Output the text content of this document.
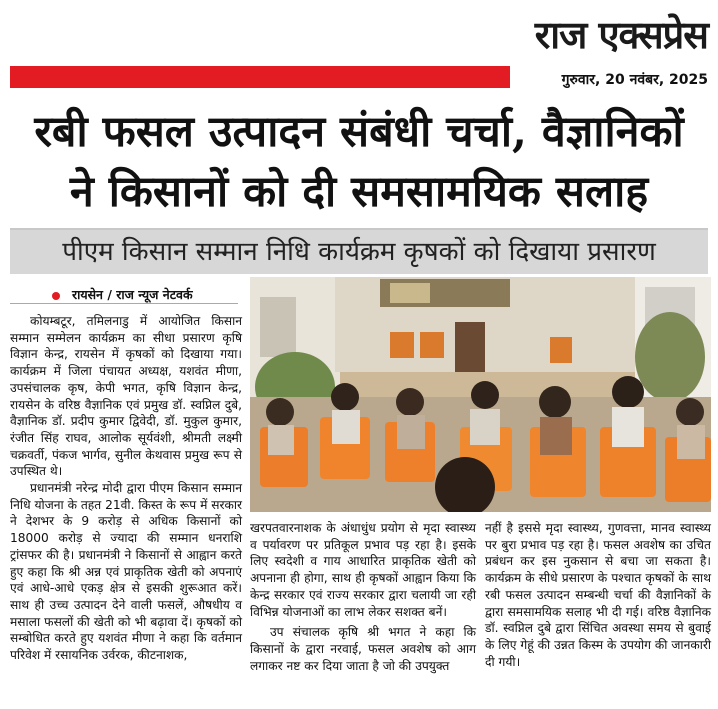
राज एक्सप्रेस
गुरुवार, 20 नवंबर, 2025
रबी फसल उत्पादन संबंधी चर्चा, वैज्ञानिकों
ने किसानों को दी समसामयिक सलाह
पीएम किसान सम्मान निधि कार्यक्रम कृषकों को दिखाया प्रसारण
रायसेन / राज न्यूज नेटवर्क

कोयम्बटूर, तमिलनाडु में आयोजित किसान सम्मान सम्मेलन कार्यक्रम का सीधा प्रसारण कृषि विज्ञान केन्द्र, रायसेन में कृषकों को दिखाया गया। कार्यक्रम में जिला पंचायत अध्यक्ष, यशवंत मीणा, उपसंचालक कृष, केपी भगत, कृषि विज्ञान केन्द्र, रायसेन के वरिष्ठ वैज्ञानिक एवं प्रमुख डॉ. स्वप्निल दुबे, वैज्ञानिक डॉ. प्रदीप कुमार द्विवेदी, डॉ. मुकुल कुमार, रंजीत सिंह राघव, आलोक सूर्यवंशी, श्रीमती लक्ष्मी चक्रवर्ती, पंकज भार्गव, सुनील केथवास प्रमुख रूप से उपस्थित थे।

प्रधानमंत्री नरेन्द्र मोदी द्वारा पीएम किसान सम्मान निधि योजना के तहत 21वी. किस्त के रूप में सरकार ने देशभर के 9 करोड़ से अधिक किसानों को 18000 करोड़ से ज्यादा की सम्मान धनराशि ट्रांसफर की है। प्रधानमंत्री ने किसानों से आह्वान करते हुए कहा कि श्री अन्न एवं प्राकृतिक खेती को अपनाएं एवं आधे-आधे एकड़ क्षेत्र से इसकी शुरूआत करें। साथ ही उच्च उत्पादन देने वाली फसलें, औषधीय व मसाला फसलों की खेती को भी बढ़ावा दें। कृषकों को सम्बोधित करते हुए यशवंत मीणा ने कहा कि वर्तमान परिवेश में रसायनिक उर्वरक, कीटनाशक,

खरपतवारनाशक के अंधाधुंध प्रयोग से मृदा स्वास्थ्य व पर्यावरण पर प्रतिकूल प्रभाव पड़ रहा है। इसके लिए स्वदेशी व गाय आधारित प्राकृतिक खेती को अपनाना ही होगा, साथ ही कृषकों आह्वान किया कि केन्द्र सरकार एवं राज्य सरकार द्वारा चलायी जा रही विभिन्न योजनाओं का लाभ लेकर सशक्त बनें।

उप संचालक कृषि श्री भगत ने कहा कि किसानों के द्वारा नरवाई, फसल अवशेष को आग लगाकर नष्ट कर दिया जाता है जो की उपयुक्त

नहीं है इससे मृदा स्वास्थ्य, गुणवत्ता, मानव स्वास्थ्य पर बुरा प्रभाव पड़ रहा है। फसल अवशेष का उचित प्रबंधन कर इस नुकसान से बचा जा सकता है। कार्यक्रम के सीधे प्रसारण के पश्चात कृषकों के साथ रबी फसल उत्पादन सम्बन्धी चर्चा की वैज्ञानिकों के द्वारा समसामयिक सलाह भी दी गई। वरिष्ठ वैज्ञानिक डॉ. स्वप्निल दुबे द्वारा सिंचित अवस्था समय से बुवाई के लिए गेहूं की उन्नत किस्म के उपयोग की जानकारी दी गयी।
